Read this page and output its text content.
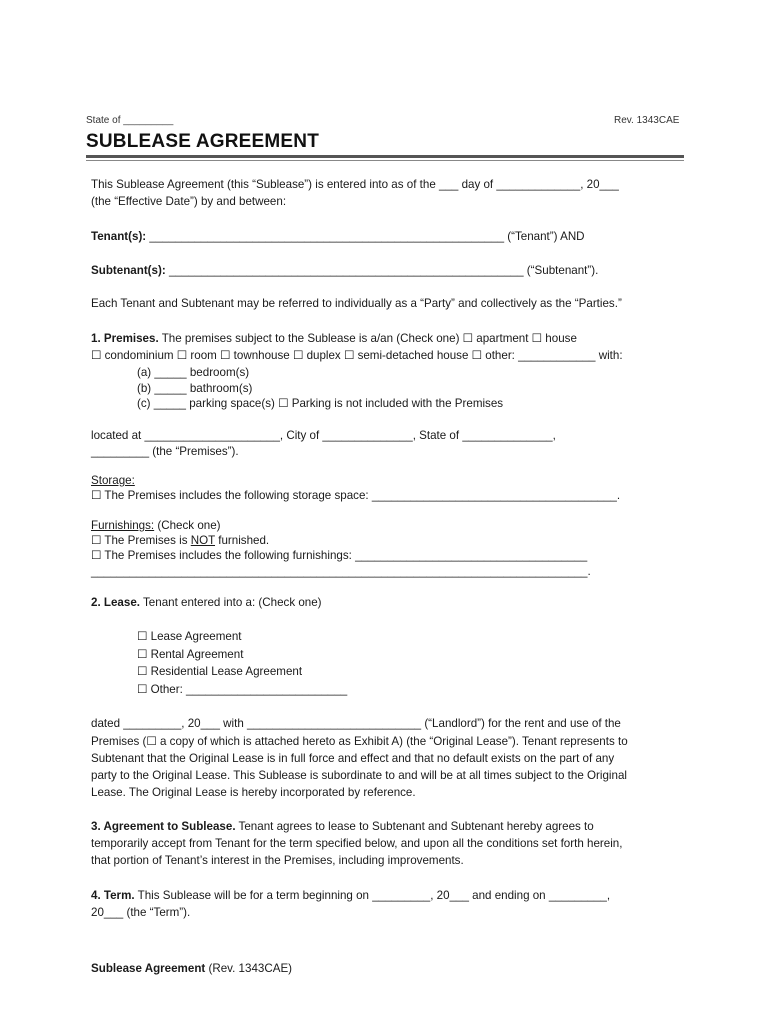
State of _________	Rev. 1343CAE
SUBLEASE AGREEMENT
This Sublease Agreement (this “Sublease”) is entered into as of the ___ day of _____________, 20___
(the “Effective Date”) by and between:
Tenant(s): _______________________________________________________ (“Tenant”) AND
Subtenant(s): _______________________________________________________ (“Subtenant”).
Each Tenant and Subtenant may be referred to individually as a “Party” and collectively as the “Parties.”
1. Premises. The premises subject to the Sublease is a/an (Check one) ☐ apartment ☐ house
☐ condominium ☐ room ☐ townhouse ☐ duplex ☐ semi-detached house ☐ other: ____________ with:
(a) _____ bedroom(s)
(b) _____ bathroom(s)
(c) _____ parking space(s) ☐ Parking is not included with the Premises
located at _____________________, City of ______________, State of ______________,
_________ (the “Premises”).
Storage:
☐ The Premises includes the following storage space: ______________________________________.
Furnishings: (Check one)
☐ The Premises is NOT furnished.
☐ The Premises includes the following furnishings: ____________________________________
_____________________________________________________________________________.
2. Lease. Tenant entered into a: (Check one)
☐ Lease Agreement
☐ Rental Agreement
☐ Residential Lease Agreement
☐ Other: _________________________
dated _________, 20___ with ___________________________ (“Landlord”) for the rent and use of the
Premises (☐ a copy of which is attached hereto as Exhibit A) (the “Original Lease”). Tenant represents to
Subtenant that the Original Lease is in full force and effect and that no default exists on the part of any
party to the Original Lease. This Sublease is subordinate to and will be at all times subject to the Original
Lease. The Original Lease is hereby incorporated by reference.
3. Agreement to Sublease. Tenant agrees to lease to Subtenant and Subtenant hereby agrees to
temporarily accept from Tenant for the term specified below, and upon all the conditions set forth herein,
that portion of Tenant’s interest in the Premises, including improvements.
4. Term. This Sublease will be for a term beginning on _________, 20___ and ending on _________,
20___ (the “Term”).
Sublease Agreement (Rev. 1343CAE)
